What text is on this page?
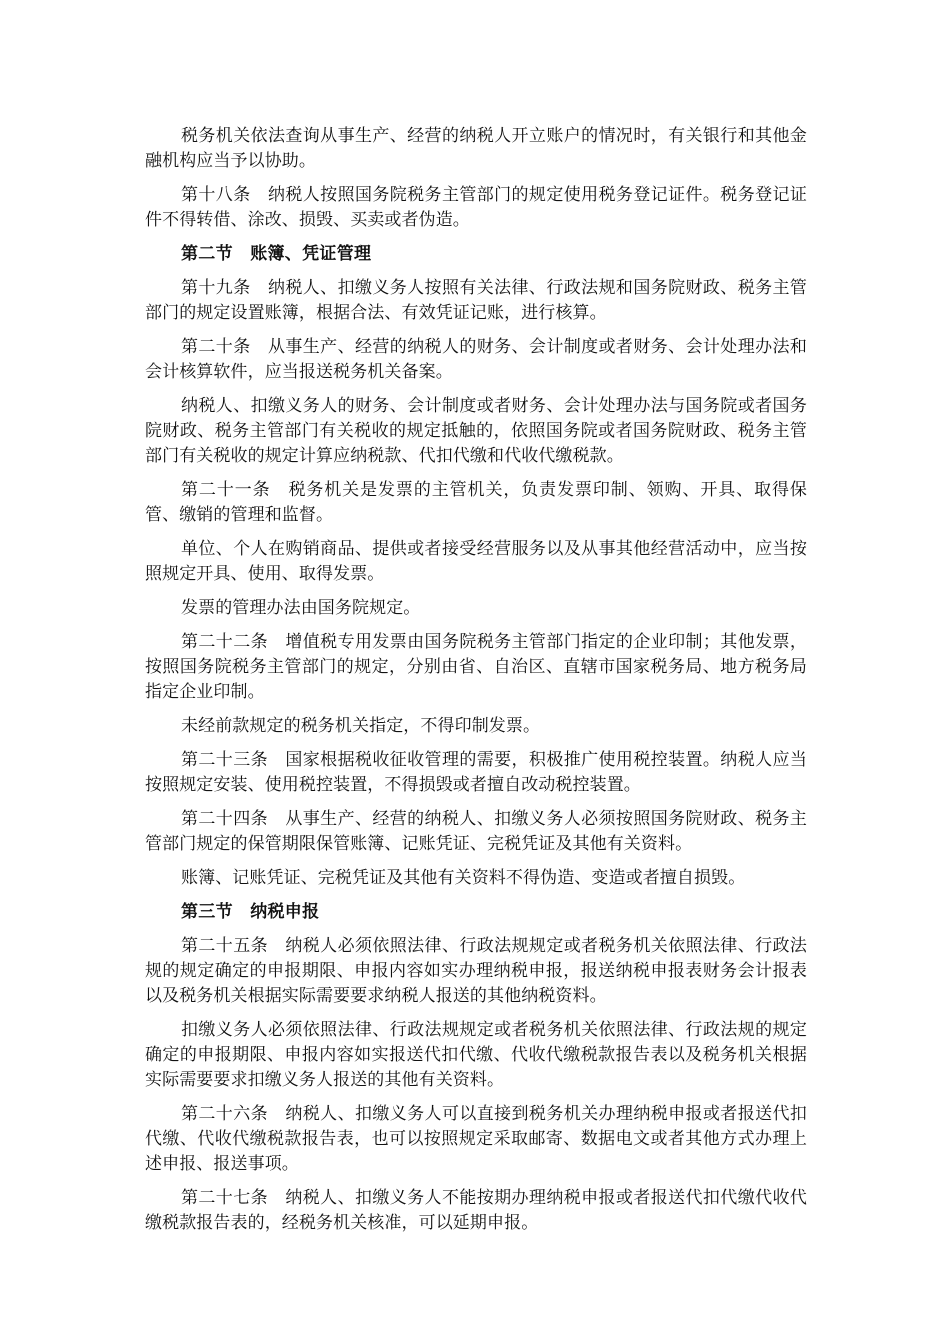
税务机关依法查询从事生产、经营的纳税人开立账户的情况时，有关银行和其他金融机构应当予以协助。

第十八条　纳税人按照国务院税务主管部门的规定使用税务登记证件。税务登记证件不得转借、涂改、损毁、买卖或者伪造。

第二节　账簿、凭证管理

第十九条　纳税人、扣缴义务人按照有关法律、行政法规和国务院财政、税务主管部门的规定设置账簿，根据合法、有效凭证记账，进行核算。

第二十条　从事生产、经营的纳税人的财务、会计制度或者财务、会计处理办法和会计核算软件，应当报送税务机关备案。

纳税人、扣缴义务人的财务、会计制度或者财务、会计处理办法与国务院或者国务院财政、税务主管部门有关税收的规定抵触的，依照国务院或者国务院财政、税务主管部门有关税收的规定计算应纳税款、代扣代缴和代收代缴税款。

第二十一条　税务机关是发票的主管机关，负责发票印制、领购、开具、取得保管、缴销的管理和监督。

单位、个人在购销商品、提供或者接受经营服务以及从事其他经营活动中，应当按照规定开具、使用、取得发票。

发票的管理办法由国务院规定。

第二十二条　增值税专用发票由国务院税务主管部门指定的企业印制；其他发票，按照国务院税务主管部门的规定，分别由省、自治区、直辖市国家税务局、地方税务局指定企业印制。

未经前款规定的税务机关指定，不得印制发票。

第二十三条　国家根据税收征收管理的需要，积极推广使用税控装置。纳税人应当按照规定安装、使用税控装置，不得损毁或者擅自改动税控装置。

第二十四条　从事生产、经营的纳税人、扣缴义务人必须按照国务院财政、税务主管部门规定的保管期限保管账簿、记账凭证、完税凭证及其他有关资料。

账簿、记账凭证、完税凭证及其他有关资料不得伪造、变造或者擅自损毁。

第三节　纳税申报

第二十五条　纳税人必须依照法律、行政法规规定或者税务机关依照法律、行政法规的规定确定的申报期限、申报内容如实办理纳税申报，报送纳税申报表财务会计报表以及税务机关根据实际需要要求纳税人报送的其他纳税资料。

扣缴义务人必须依照法律、行政法规规定或者税务机关依照法律、行政法规的规定确定的申报期限、申报内容如实报送代扣代缴、代收代缴税款报告表以及税务机关根据实际需要要求扣缴义务人报送的其他有关资料。

第二十六条　纳税人、扣缴义务人可以直接到税务机关办理纳税申报或者报送代扣代缴、代收代缴税款报告表，也可以按照规定采取邮寄、数据电文或者其他方式办理上述申报、报送事项。

第二十七条　纳税人、扣缴义务人不能按期办理纳税申报或者报送代扣代缴代收代缴税款报告表的，经税务机关核准，可以延期申报。
